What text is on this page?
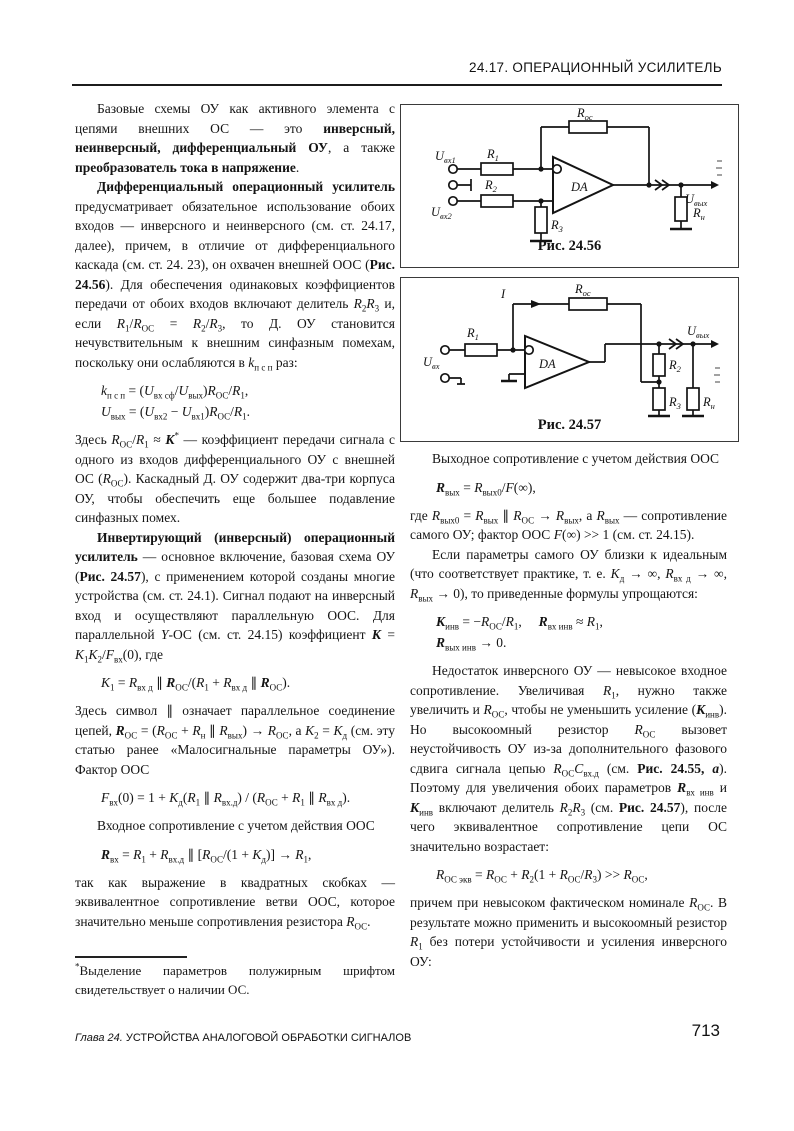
24.17. ОПЕРАЦИОННЫЙ УСИЛИТЕЛЬ
Базовые схемы ОУ как активного элемента с цепями внешних ОС — это инверсный, неинверсный, дифференциальный ОУ, а также преобразователь тока в напряжение.
Дифференциальный операционный усилитель предусматривает обязательное использование обоих входов — инверсного и неинверсного (см. ст. 24.17, далее), причем, в отличие от дифференциального каскада (см. ст. 24. 23), он охвачен внешней ООС (Рис. 24.56). Для обеспечения одинаковых коэффициентов передачи от обоих входов включают делитель $R_2R_3$ и, если $R_1/R_{ОС} = R_2/R_3$, то Д. ОУ становится нечувствительным к внешним синфазным помехам, поскольку они ослабляются в $k_{п с п}$ раз:
$k_{п с п} = (U_{вх сф}/U_{вых})R_{ОС}/R_1$,
$U_{вых} = (U_{вх2} - U_{вх1})R_{ОС}/R_1$.
Здесь $R_{ОС}/R_1 \approx К^*$ — коэффициент передачи сигнала с одного из входов дифференциального ОУ с внешней ОС $(R_{ОС})$. Каскадный Д. ОУ содержит два-три корпуса ОУ, чтобы обеспечить еще большее подавление синфазных помех.
Инвертирующий (инверсный) операционный усилитель — основное включение, базовая схема ОУ (Рис. 24.57), с применением которой созданы многие устройства (см. ст. 24.1). Сигнал подают на инверсный вход и осуществляют параллельную ООС. Для параллельной Y-ОС (см. ст. 24.15) коэффициент $К = K_1K_2/F_{вх}(0)$, где
$K_1 = R_{вх д}$ ∥ $R_{ОС}/(R_1 + R_{вх д}$ ∥ $R_{ОС}$).
Здесь символ ∥ означает параллельное соединение цепей, $R_{ОС} = (R_{ОС} + R_н$ ∥ $R_{вых}) \to R_{ОС}$, а $K_2 = K_д$ (см. эту статью ранее «Малосигнальные параметры ОУ»). Фактор ООС
$F_{вх}(0) = 1 + K_д(R_1$ ∥ $R_{вх.д}) / (R_{ОС} + R_1$ ∥ $R_{вх д}$).
Входное сопротивление с учетом действия ООС
$R_{вх} = R_1 + R_{вх.д}$ ∥ $[R_{ОС}/(1 + K_д)] \to R_1$,
так как выражение в квадратных скобках — эквивалентное сопротивление ветви ООС, которое значительно меньше сопротивления резистора $R_{ОС}$.
$U_{вх1}$	$R_1$
$R_{ос}$
$R_2$
$U_{вх2}$
$R_3$
DA
$R_н$
$U_{вых}$
Рис. 24.56
I	$R_{ос}$
$R_1$
$U_{вх}$	DA	$R_2$
$R_3$ $R_н$
$U_{вых}$
Рис. 24.57
Выходное сопротивление с учетом действия ООС
$R_{вых} = R_{вых0}/F(\infty)$,
где $R_{вых0} = R_{вых}$ ∥ $R_{ОС} \to R_{вых}$, а $R_{вых}$ — сопротивление самого ОУ; фактор ООС F(∞) >> 1 (см. ст. 24.15).
Если параметры самого ОУ близки к идеальным (что соответствует практике, т. е. $K_д$ → ∞, $R_{вх д}$ → ∞, $R_{вых} \to 0$), то приведенные формулы упрощаются:
$К_{инв} = -R_{ОС}/R_1$,     $R_{вх инв} \approx R_1$,
$R_{вых инв} \to 0$.
Недостаток инверсного ОУ — невысокое входное сопротивление. Увеличивая $R_1$, нужно также увеличить и $R_{ОС}$, чтобы не уменьшить усиление $(К_{инв})$. Но высокоомный резистор $R_{ОС}$ вызовет неустойчивость ОУ из-за дополнительного фазового сдвига сигнала цепью $R_{ОС}C_{вх.д}$ (см. Рис. 24.55, а). Поэтому для увеличения обоих параметров $R_{вх инв}$ и $К_{инв}$ включают делитель $R_2R_3$ (см. Рис. 24.57), после чего эквивалентное сопротивление цепи ОС значительно возрастает:
$R_{ОС экв} = R_{ОС} + R_2(1 + R_{ОС}/R_3) >> R_{ОС}$,
причем при невысоком фактическом номинале $R_{ОС}$. В результате можно применить и высокоомный резистор $R_1$ без потери устойчивости и усиления инверсного ОУ:
*Выделение параметров полужирным шрифтом свидетельствует о наличии ОС.
Глава 24. УСТРОЙСТВА АНАЛОГОВОЙ ОБРАБОТКИ СИГНАЛОВ	713
